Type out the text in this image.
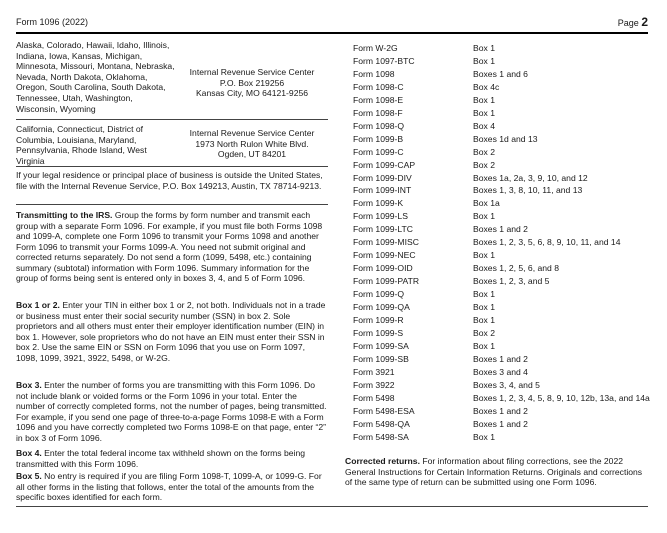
Form 1096 (2022)	Page 2
Alaska, Colorado, Hawaii, Idaho, Illinois, Indiana, Iowa, Kansas, Michigan, Minnesota, Missouri, Montana, Nebraska, Nevada, North Dakota, Oklahoma, Oregon, South Carolina, South Dakota, Tennessee, Utah, Washington, Wisconsin, Wyoming
Internal Revenue Service Center
P.O. Box 219256
Kansas City, MO 64121-9256
California, Connecticut, District of Columbia, Louisiana, Maryland, Pennsylvania, Rhode Island, West Virginia
Internal Revenue Service Center
1973 North Rulon White Blvd.
Ogden, UT 84201
If your legal residence or principal place of business is outside the United States, file with the Internal Revenue Service, P.O. Box 149213, Austin, TX 78714-9213.
Transmitting to the IRS. Group the forms by form number and transmit each group with a separate Form 1096. For example, if you must file both Forms 1098 and 1099-A, complete one Form 1096 to transmit your Forms 1098 and another Form 1096 to transmit your Forms 1099-A. You need not submit original and corrected returns separately. Do not send a form (1099, 5498, etc.) containing summary (subtotal) information with Form 1096. Summary information for the group of forms being sent is entered only in boxes 3, 4, and 5 of Form 1096.
Box 1 or 2. Enter your TIN in either box 1 or 2, not both. Individuals not in a trade or business must enter their social security number (SSN) in box 2. Sole proprietors and all others must enter their employer identification number (EIN) in box 1. However, sole proprietors who do not have an EIN must enter their SSN in box 2. Use the same EIN or SSN on Form 1096 that you use on Form 1097, 1098, 1099, 3921, 3922, 5498, or W-2G.
Box 3. Enter the number of forms you are transmitting with this Form 1096. Do not include blank or voided forms or the Form 1096 in your total. Enter the number of correctly completed forms, not the number of pages, being transmitted. For example, if you send one page of three-to-a-page Forms 1098-E with a Form 1096 and you have correctly completed two Forms 1098-E on that page, enter “2” in box 3 of Form 1096.
Box 4. Enter the total federal income tax withheld shown on the forms being transmitted with this Form 1096.
Box 5. No entry is required if you are filing Form 1098-T, 1099-A, or 1099-G. For all other forms in the listing that follows, enter the total of the amounts from the specific boxes identified for each form.
Form W-2G	Box 1
Form 1097-BTC	Box 1
Form 1098	Boxes 1 and 6
Form 1098-C	Box 4c
Form 1098-E	Box 1
Form 1098-F	Box 1
Form 1098-Q	Box 4
Form 1099-B	Boxes 1d and 13
Form 1099-C	Box 2
Form 1099-CAP	Box 2
Form 1099-DIV	Boxes 1a, 2a, 3, 9, 10, and 12
Form 1099-INT	Boxes 1, 3, 8, 10, 11, and 13
Form 1099-K	Box 1a
Form 1099-LS	Box 1
Form 1099-LTC	Boxes 1 and 2
Form 1099-MISC	Boxes 1, 2, 3, 5, 6, 8, 9, 10, 11, and 14
Form 1099-NEC	Box 1
Form 1099-OID	Boxes 1, 2, 5, 6, and 8
Form 1099-PATR	Boxes 1, 2, 3, and 5
Form 1099-Q	Box 1
Form 1099-QA	Box 1
Form 1099-R	Box 1
Form 1099-S	Box 2
Form 1099-SA	Box 1
Form 1099-SB	Boxes 1 and 2
Form 3921	Boxes 3 and 4
Form 3922	Boxes 3, 4, and 5
Form 5498	Boxes 1, 2, 3, 4, 5, 8, 9, 10, 12b, 13a, and 14a
Form 5498-ESA	Boxes 1 and 2
Form 5498-QA	Boxes 1 and 2
Form 5498-SA	Box 1
Corrected returns. For information about filing corrections, see the 2022 General Instructions for Certain Information Returns. Originals and corrections of the same type of return can be submitted using one Form 1096.
